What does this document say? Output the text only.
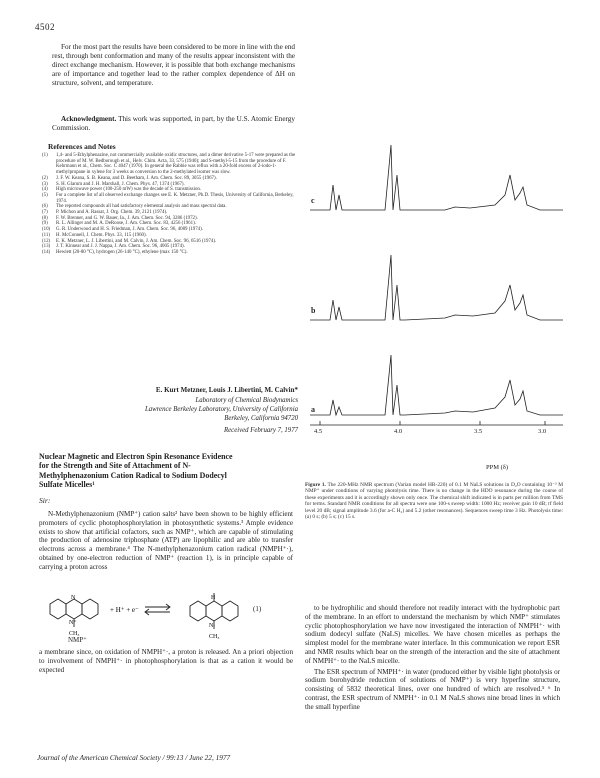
4502

For the most part the results have been considered to be more in line with the end rest, through bent conformation and many of the results appear inconsistent with the direct exchange mechanism. However, it is possible that both exchange mechanisms are of importance and together lead to the rather complex dependence of ΔH on structure, solvent, and temperature.

Acknowledgment. This work was supported, in part, by the U.S. Atomic Energy Commission.

References and Notes
(1)	1,4- and 5-Ethylphenazine, not commercially available oxidic structures, and a dimer derivative 5-17 were prepared as the procedure of M. W. Bedborough et al., Helv. Chim. Acta, 33, 575 (1940); and S-methyl-5-15 from the procedure of F. Kehrmann et al., Chem. Soc. C 4047 (1970). In general the Rabbie was reflux with a 20-fold excess of 2-iodo-1-methylpropane in xylene for 3 weeks as conversion to the 2-methylated isomer was slow.
(2)	J. F. W. Keana, S. B. Keana, and D. Beetham, J. Am. Chem. Soc. 89, 3055 (1967).
(3)	S. H. Glarum and J. H. Marshall, J. Chem. Phys. 47, 1374 (1967).
(4)	High microwave power (100-250 mW) was the decade of S. transmission.
(5)	For a complete list of all observed exchange changes see E. K. Metzner, Ph.D. Thesis, University of California, Berkeley, 1974.
(6)	The reported compounds all had satisfactory elemental analysis and mass spectral data.
(7)	P. Michon and A. Rassat, J. Org. Chem. 39, 2121 (1974).
(8)	F. W. Brenner, and G. W. Bauer, Ia., J. Am. Chem. Soc. 94, 3286 (1972).
(9)	R. L. Allinger and M. A. DeRoose, J. Am. Chem. Soc. 83, 4256 (1961).
(10)	G. R. Underwood and H. S. Friedman, J. Am. Chem. Soc. 96, 4089 (1974).
(11)	H. McConnell, J. Chem. Phys. 33, 115 (1960).
(12)	E. K. Metzner, L. J. Libertini, and M. Calvin, J. Am. Chem. Soc. 96, 6516 (1974).
(13)	J. T. Kinnear and J. J. Nappa, J. Am. Chem. Soc. 96, 4005 (1974).
(14)	Hewlett (20-80 °C), hydrogen (26-140 °C), ethylene (max 150 °C).
E. Kurt Metzner, Louis J. Libertini, M. Calvin*
Laboratory of Chemical Biodynamics
Lawrence Berkeley Laboratory, University of California
Berkeley, California 94720
Received February 7, 1977
Nuclear Magnetic and Electron Spin Resonance Evidence for the Strength and Site of Attachment of N-Methylphenazonium Cation Radical to Sodium Dodecyl Sulfate Micelles¹
Sir:

N-Methylphenazonium (NMP⁺) cation salts² have been shown to be highly efficient promoters of cyclic photophosphorylation in photosynthetic systems.³ Ample evidence exists to show that artificial cofactors, such as NMP⁺, which are capable of stimulating the production of adenosine triphosphate (ATP) are lipophilic and are able to transfer electrons across a membrane.⁴ The N-methylphenazonium cation radical (NMPH⁺·), obtained by one-electron reduction of NMP⁺ (reaction 1), is in principle capable of carrying a proton across

N
N⁺
CH₃
+ H⁺ + e⁻
H
N·
CH₃
NMP⁺
(1)

a membrane since, on oxidation of NMPH⁺·, a proton is released. An a priori objection to involvement of NMPH⁺· in photophosphorylation is that as a cation it would be expected

c
b
a
4.5	4.0	3.5	3.0
PPM (δ)
Figure 1. The 220-MHz NMR spectrum (Varian model HR-220) of 0.1 M NaLS solutions in D₂O containing 10⁻³ M NMP⁺ under conditions of varying photolysis time. There is no change in the HDO resonance during the course of these experiments and it is accordingly shown only once. The chemical shift indicated is in parts per million from TMS for terms. Standard NMR conditions for all spectra were one 100-s sweep width: 1000 Hz; receiver gain 10 dB; rf field level 20 dB; signal amplitude 3.6 (for a-C H₂) and 5.2 (other resonances). Sequences sweep time 3 Hz. Photolysis time: (a) 0 s; (b) 5 s; (c) 15 s.

to be hydrophilic and should therefore not readily interact with the hydrophobic part of the membrane. In an effort to understand the mechanism by which NMP⁺ stimulates cyclic photophosphorylation we have now investigated the interaction of NMPH⁺· with sodium dodecyl sulfate (NaLS) micelles. We have chosen micelles as perhaps the simplest model for the membrane water interface. In this communication we report ESR and NMR results which bear on the strength of the interaction and the site of attachment of NMPH⁺· to the NaLS micelle.

The ESR spectrum of NMPH⁺· in water (produced either by visible light photolysis or sodium borohydride reduction of solutions of NMP⁺) is very hyperfine structure, consisting of 5832 theoretical lines, over one hundred of which are resolved.⁵ ⁶ In contrast, the ESR spectrum of NMPH⁺· in 0.1 M NaLS shows nine broad lines in which the small hyperfine

Journal of the American Chemical Society / 99:13 / June 22, 1977
